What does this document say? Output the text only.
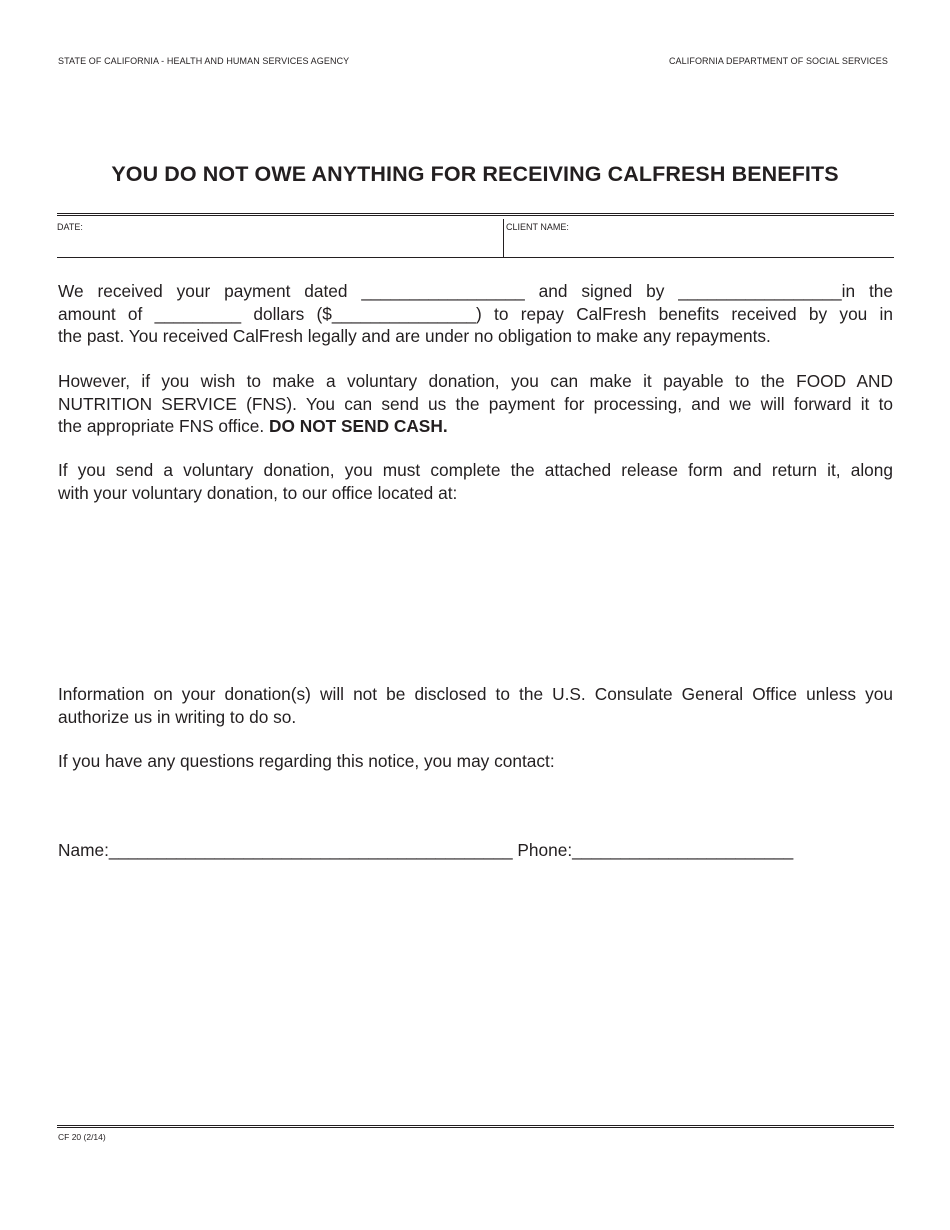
STATE OF CALIFORNIA - HEALTH AND HUMAN SERVICES AGENCY	CALIFORNIA DEPARTMENT OF SOCIAL SERVICES
YOU DO NOT OWE ANYTHING FOR RECEIVING CALFRESH BENEFITS
DATE:	CLIENT NAME:
We received your payment dated _________________ and signed by _________________in the
amount of _________ dollars ($_______________) to repay CalFresh benefits received by you in
the past. You received CalFresh legally and are under no obligation to make any repayments.
However, if you wish to make a voluntary donation, you can make it payable to the FOOD AND
NUTRITION SERVICE (FNS). You can send us the payment for processing, and we will forward it to
the appropriate FNS office. DO NOT SEND CASH.
If you send a voluntary donation, you must complete the attached release form and return it, along
with your voluntary donation, to our office located at:
Information on your donation(s) will not be disclosed to the U.S. Consulate General Office unless you
authorize us in writing to do so.
If you have any questions regarding this notice, you may contact:
Name:__________________________________________ Phone:_______________________
CF 20 (2/14)
